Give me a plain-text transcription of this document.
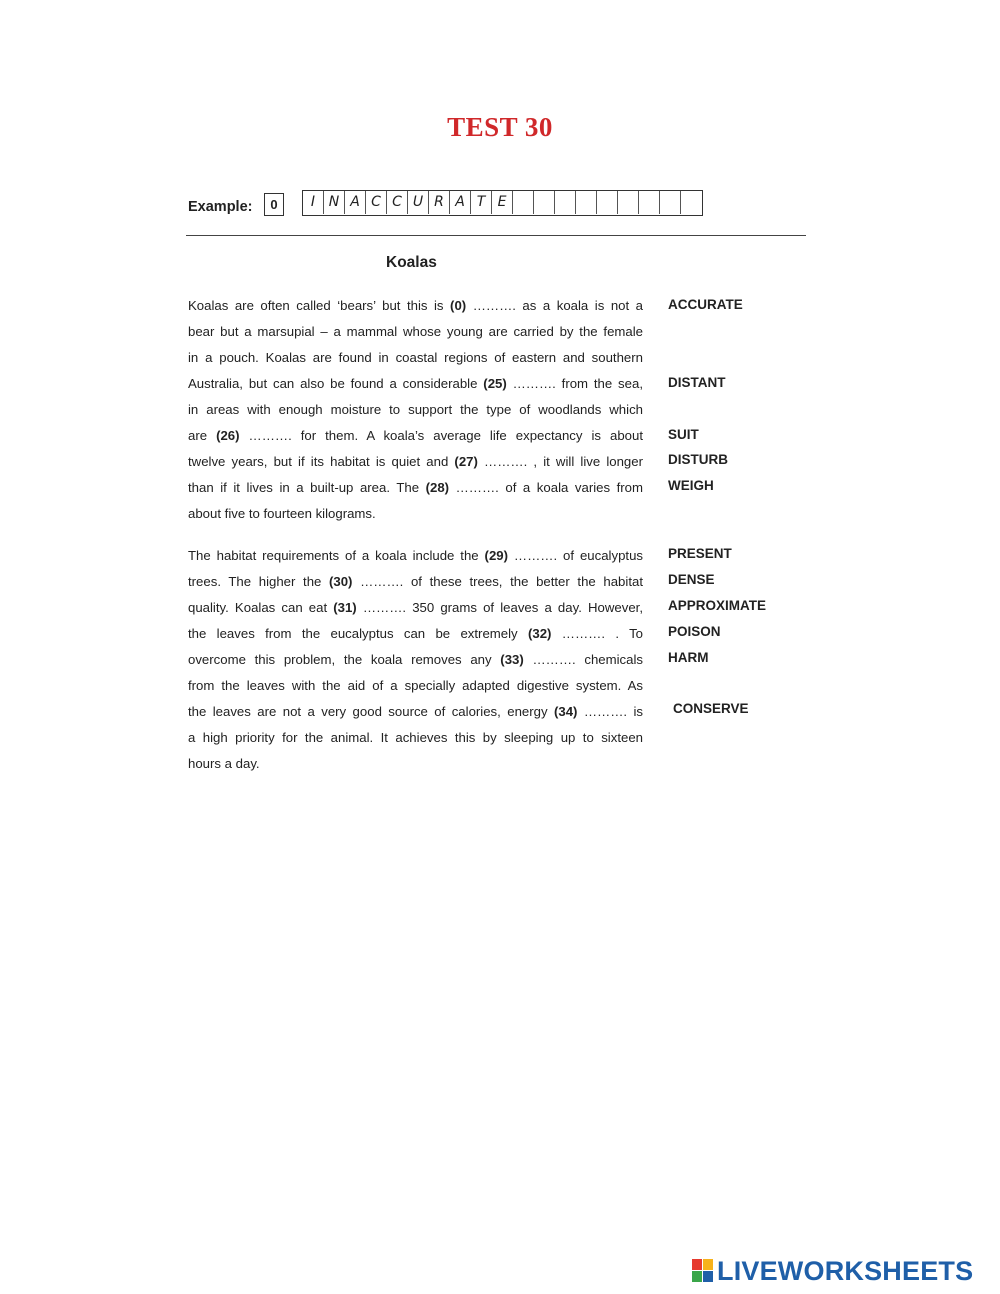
TEST 30
Example:	0	I N A C C U R A T E
Koalas
Koalas are often called ‘bears’ but this is (0) ………. as a koala is not a
bear but a marsupial – a mammal whose young are carried by the female
in a pouch. Koalas are found in coastal regions of eastern and southern
Australia, but can also be found a considerable (25) ………. from the sea,
in areas with enough moisture to support the type of woodlands which
are (26) ………. for them. A koala’s average life expectancy is about
twelve years, but if its habitat is quiet and (27) ………. , it will live longer
than if it lives in a built-up area. The (28) ………. of a koala varies from
about five to fourteen kilograms.
The habitat requirements of a koala include the (29) ………. of eucalyptus
trees. The higher the (30) ………. of these trees, the better the habitat
quality. Koalas can eat (31) ………. 350 grams of leaves a day. However,
the leaves from the eucalyptus can be extremely (32) ………. . To
overcome this problem, the koala removes any (33) ………. chemicals
from the leaves with the aid of a specially adapted digestive system. As
the leaves are not a very good source of calories, energy (34) ………. is
a high priority for the animal. It achieves this by sleeping up to sixteen
hours a day.
ACCURATE
DISTANT
SUIT
DISTURB
WEIGH
PRESENT
DENSE
APPROXIMATE
POISON
HARM
CONSERVE
LIVEWORKSHEETS
